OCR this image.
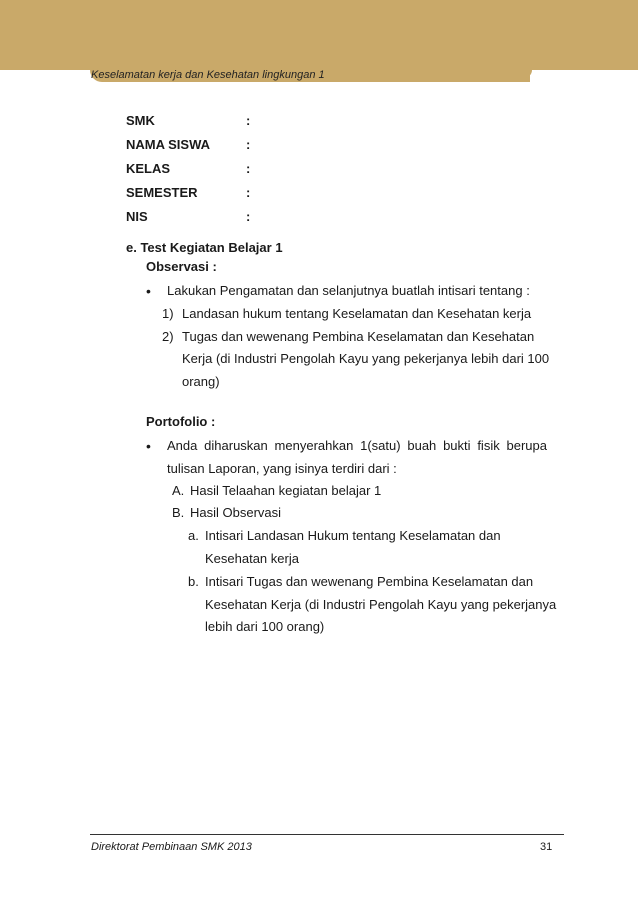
Keselamatan kerja dan Kesehatan lingkungan 1
SMK	:
NAMA SISWA	:
KELAS	:
SEMESTER	:
NIS	:
e. Test Kegiatan Belajar 1
Observasi :
• Lakukan Pengamatan dan selanjutnya buatlah intisari tentang :
1) Landasan hukum tentang Keselamatan dan Kesehatan kerja
2) Tugas dan wewenang Pembina Keselamatan dan Kesehatan
Kerja (di Industri Pengolah Kayu yang pekerjanya lebih dari 100
orang)
Portofolio :
• Anda diharuskan menyerahkan 1(satu) buah bukti fisik berupa
tulisan Laporan, yang isinya terdiri dari :
A. Hasil Telaahan kegiatan belajar 1
B. Hasil Observasi
a. Intisari Landasan Hukum tentang Keselamatan dan
Kesehatan kerja
b. Intisari Tugas dan wewenang Pembina Keselamatan dan
Kesehatan Kerja (di Industri Pengolah Kayu yang pekerjanya
lebih dari 100 orang)
Direktorat Pembinaan SMK 2013	31
